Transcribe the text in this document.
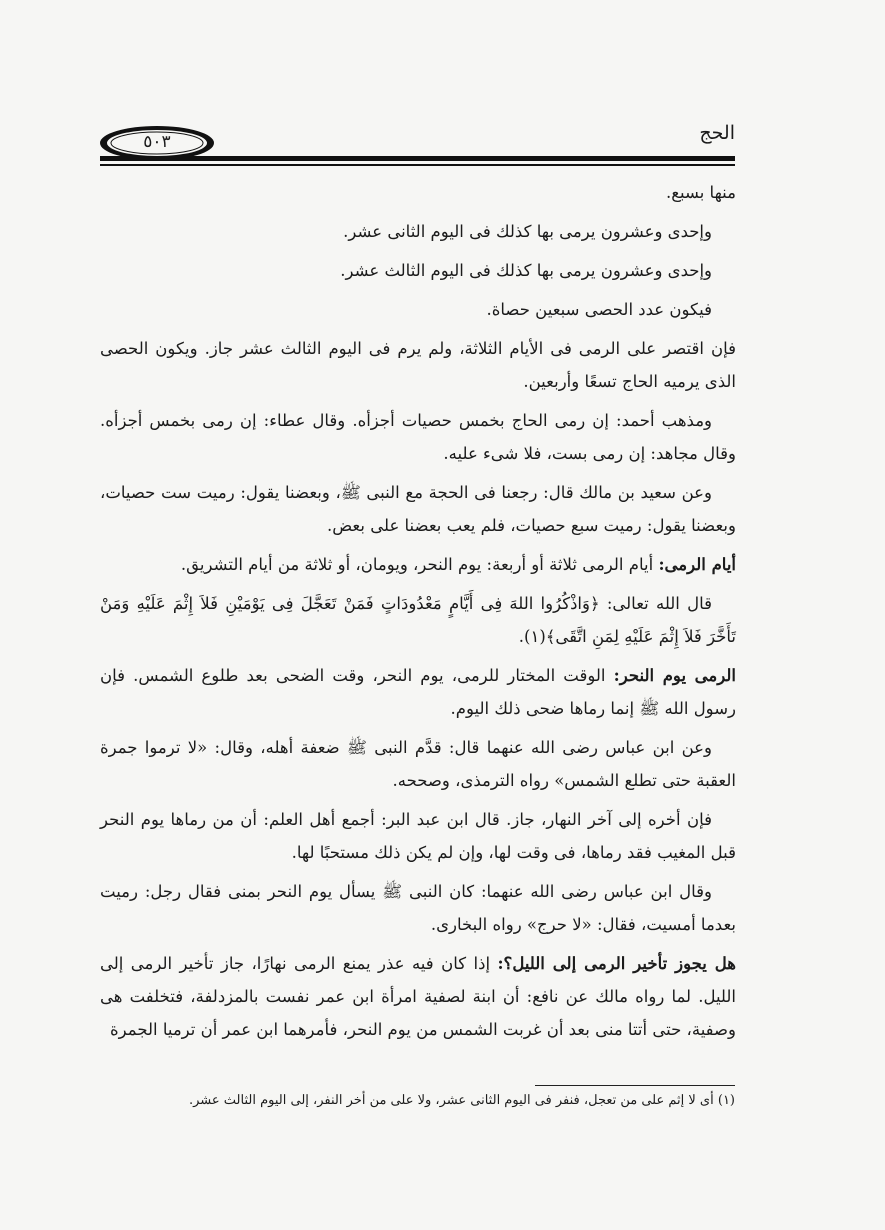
الحج
٥٠٣

منها بسبع.

وإحدى وعشرون يرمى بها كذلك فى اليوم الثانى عشر.

وإحدى وعشرون يرمى بها كذلك فى اليوم الثالث عشر.

فيكون عدد الحصى سبعين حصاة.

فإن اقتصر على الرمى فى الأيام الثلاثة، ولم يرم فى اليوم الثالث عشر جاز. ويكون الحصى الذى يرميه الحاج تسعًا وأربعين.

ومذهب أحمد: إن رمى الحاج بخمس حصيات أجزأه. وقال عطاء: إن رمى بخمس أجزأه. وقال مجاهد: إن رمى بست، فلا شىء عليه.

وعن سعيد بن مالك قال: رجعنا فى الحجة مع النبى ﷺ، وبعضنا يقول: رميت ست حصيات، وبعضنا يقول: رميت سبع حصيات، فلم يعب بعضنا على بعض.

أيام الرمى: أيام الرمى ثلاثة أو أربعة: يوم النحر، ويومان، أو ثلاثة من أيام التشريق.

قال الله تعالى: ﴿وَاذْكُرُوا اللهَ فِى أَيَّامٍ مَعْدُودَاتٍ فَمَنْ تَعَجَّلَ فِى يَوْمَيْنِ فَلاَ إِثْمَ عَلَيْهِ وَمَنْ تَأَخَّرَ فَلاَ إِثْمَ عَلَيْهِ لِمَنِ اتَّقَى﴾(١).

الرمى يوم النحر: الوقت المختار للرمى، يوم النحر، وقت الضحى بعد طلوع الشمس. فإن رسول الله ﷺ إنما رماها ضحى ذلك اليوم.

وعن ابن عباس رضى الله عنهما قال: قدَّم النبى ﷺ ضعفة أهله، وقال: «لا ترموا جمرة العقبة حتى تطلع الشمس» رواه الترمذى، وصححه.

فإن أخره إلى آخر النهار، جاز. قال ابن عبد البر: أجمع أهل العلم: أن من رماها يوم النحر قبل المغيب فقد رماها، فى وقت لها، وإن لم يكن ذلك مستحبًا لها.

وقال ابن عباس رضى الله عنهما: كان النبى ﷺ يسأل يوم النحر بمنى فقال رجل: رميت بعدما أمسيت، فقال: «لا حرج» رواه البخارى.

هل يجوز تأخير الرمى إلى الليل؟: إذا كان فيه عذر يمنع الرمى نهارًا، جاز تأخير الرمى إلى الليل. لما رواه مالك عن نافع: أن ابنة لصفية امرأة ابن عمر نفست بالمزدلفة، فتخلفت هى وصفية، حتى أتتا منى بعد أن غربت الشمس من يوم النحر، فأمرهما ابن عمر أن ترميا الجمرة

(١) أى لا إثم على من تعجل، فنفر فى اليوم الثانى عشر، ولا على من أخر النفر، إلى اليوم الثالث عشر.
